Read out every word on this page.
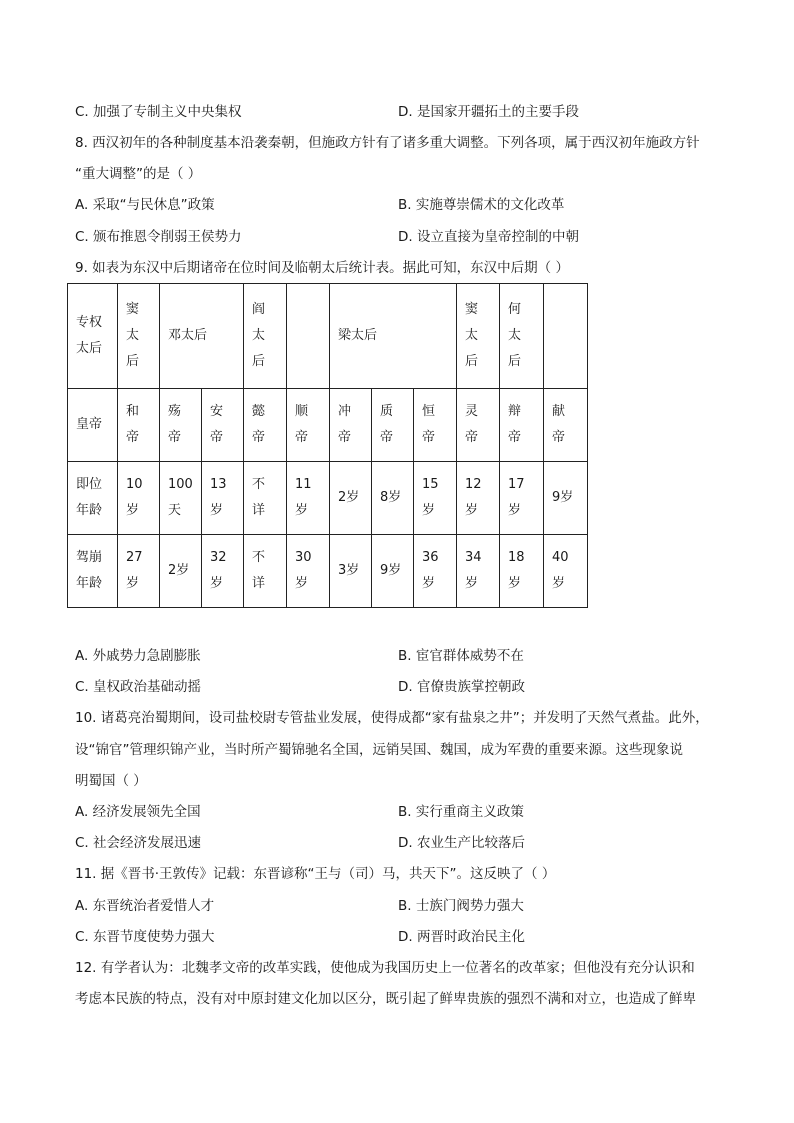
C. 加强了专制主义中央集权	D. 是国家开疆拓土的主要手段
8. 西汉初年的各种制度基本沿袭秦朝，但施政方针有了诸多重大调整。下列各项，属于西汉初年施政方针
“重大调整”的是（ ）
A. 采取“与民休息”政策	B. 实施尊崇儒术的文化改革
C. 颁布推恩令削弱王侯势力	D. 设立直接为皇帝控制的中朝
9. 如表为东汉中后期诸帝在位时间及临朝太后统计表。据此可知，东汉中后期（ ）
专权太后	窦太后	邓太后		阎太后		梁太后			窦太后	何太后	

皇帝	和帝	殇帝	安帝	懿帝	顺帝	冲帝	质帝	恒帝	灵帝	辩帝	献帝

即位年龄	10岁	100天	13岁	不详	11岁	2岁	8岁	15岁	12岁	17岁	9岁

驾崩年龄	27岁	2岁	32岁	不详	30岁	3岁	9岁	36岁	34岁	18岁	40岁
A. 外戚势力急剧膨胀	B. 宦官群体威势不在
C. 皇权政治基础动摇	D. 官僚贵族掌控朝政
10. 诸葛亮治蜀期间，设司盐校尉专管盐业发展，使得成都“家有盐泉之井”；并发明了天然气煮盐。此外，
设“锦官”管理织锦产业，当时所产蜀锦驰名全国，远销吴国、魏国，成为军费的重要来源。这些现象说
明蜀国（ ）
A. 经济发展领先全国	B. 实行重商主义政策
C. 社会经济发展迅速	D. 农业生产比较落后
11. 据《晋书·王敦传》记载：东晋谚称“王与（司）马，共天下”。这反映了（ ）
A. 东晋统治者爱惜人才	B. 士族门阀势力强大
C. 东晋节度使势力强大	D. 两晋时政治民主化
12. 有学者认为：北魏孝文帝的改革实践，使他成为我国历史上一位著名的改革家；但他没有充分认识和
考虑本民族的特点，没有对中原封建文化加以区分，既引起了鲜卑贵族的强烈不满和对立，也造成了鲜卑
